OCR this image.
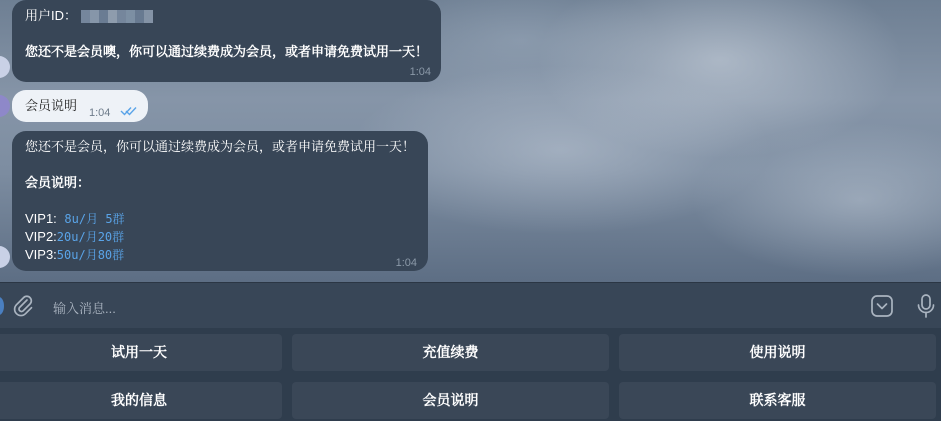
用户ID：
您还不是会员噢，你可以通过续费成为会员，或者申请免费试用一天！
1:04
会员说明 1:04
您还不是会员，你可以通过续费成为会员，或者申请免费试用一天！
会员说明：
VIP1: 8u/月 5群
VIP2:20u/月20群
VIP3:50u/月80群
1:04
输入消息...
试用一天	充值续费	使用说明
我的信息	会员说明	联系客服
